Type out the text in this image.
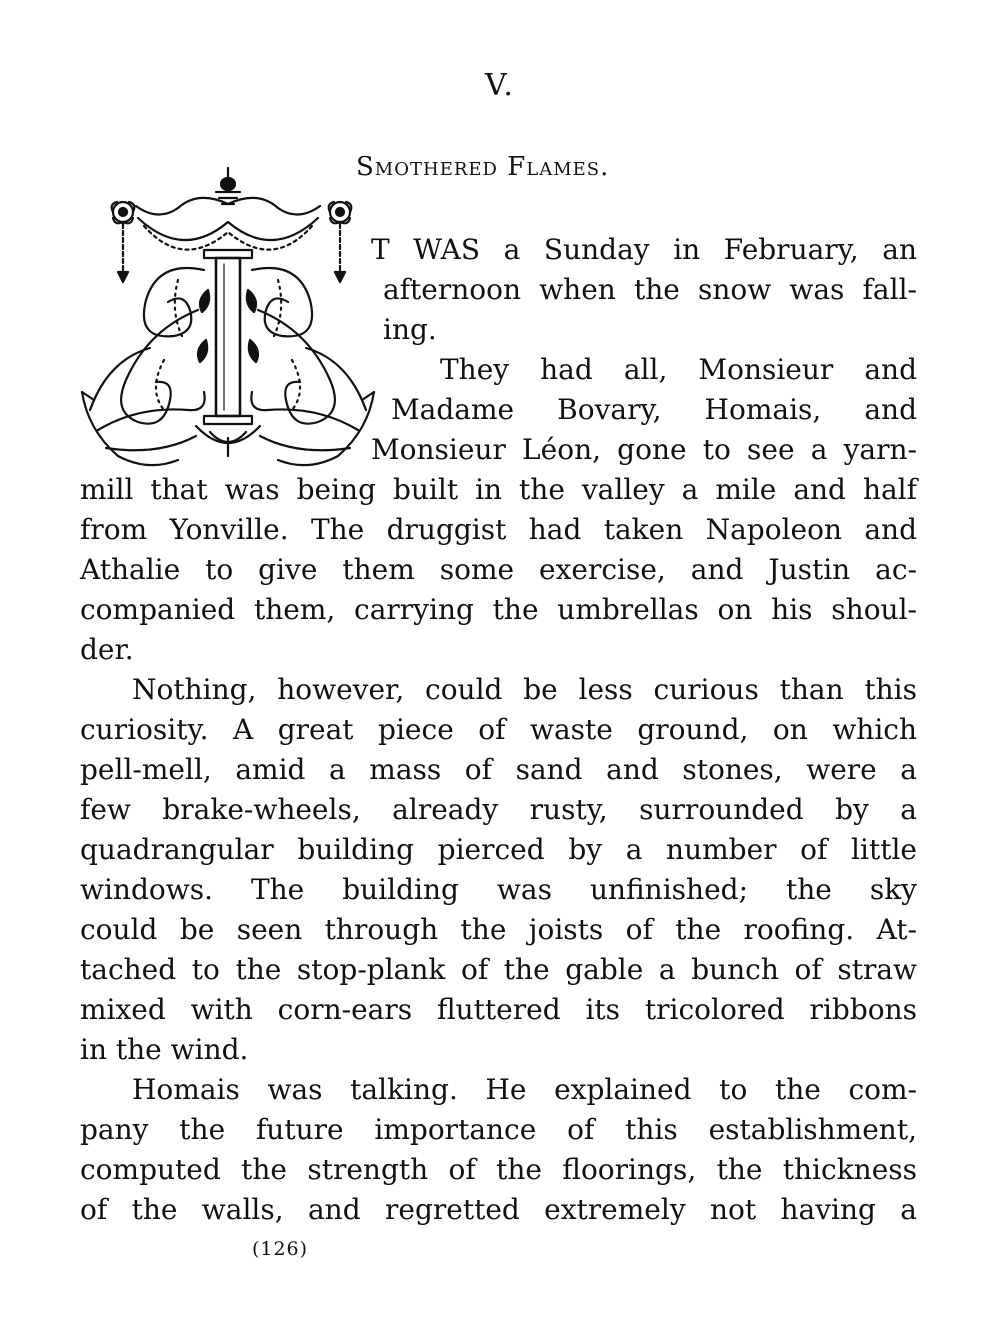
V.
Smothered Flames.
T WAS a Sunday in February, an
afternoon when the snow was fall-
ing.
They had all, Monsieur and
Madame Bovary, Homais, and
Monsieur Léon, gone to see a yarn-
mill that was being built in the valley a mile and half
from Yonville. The druggist had taken Napoleon and
Athalie to give them some exercise, and Justin ac-
companied them, carrying the umbrellas on his shoul-
der.
Nothing, however, could be less curious than this
curiosity. A great piece of waste ground, on which
pell-mell, amid a mass of sand and stones, were a
few brake-wheels, already rusty, surrounded by a
quadrangular building pierced by a number of little
windows. The building was unfinished; the sky
could be seen through the joists of the roofing. At-
tached to the stop-plank of the gable a bunch of straw
mixed with corn-ears fluttered its tricolored ribbons
in the wind.
Homais was talking. He explained to the com-
pany the future importance of this establishment,
computed the strength of the floorings, the thickness
of the walls, and regretted extremely not having a
(126)
